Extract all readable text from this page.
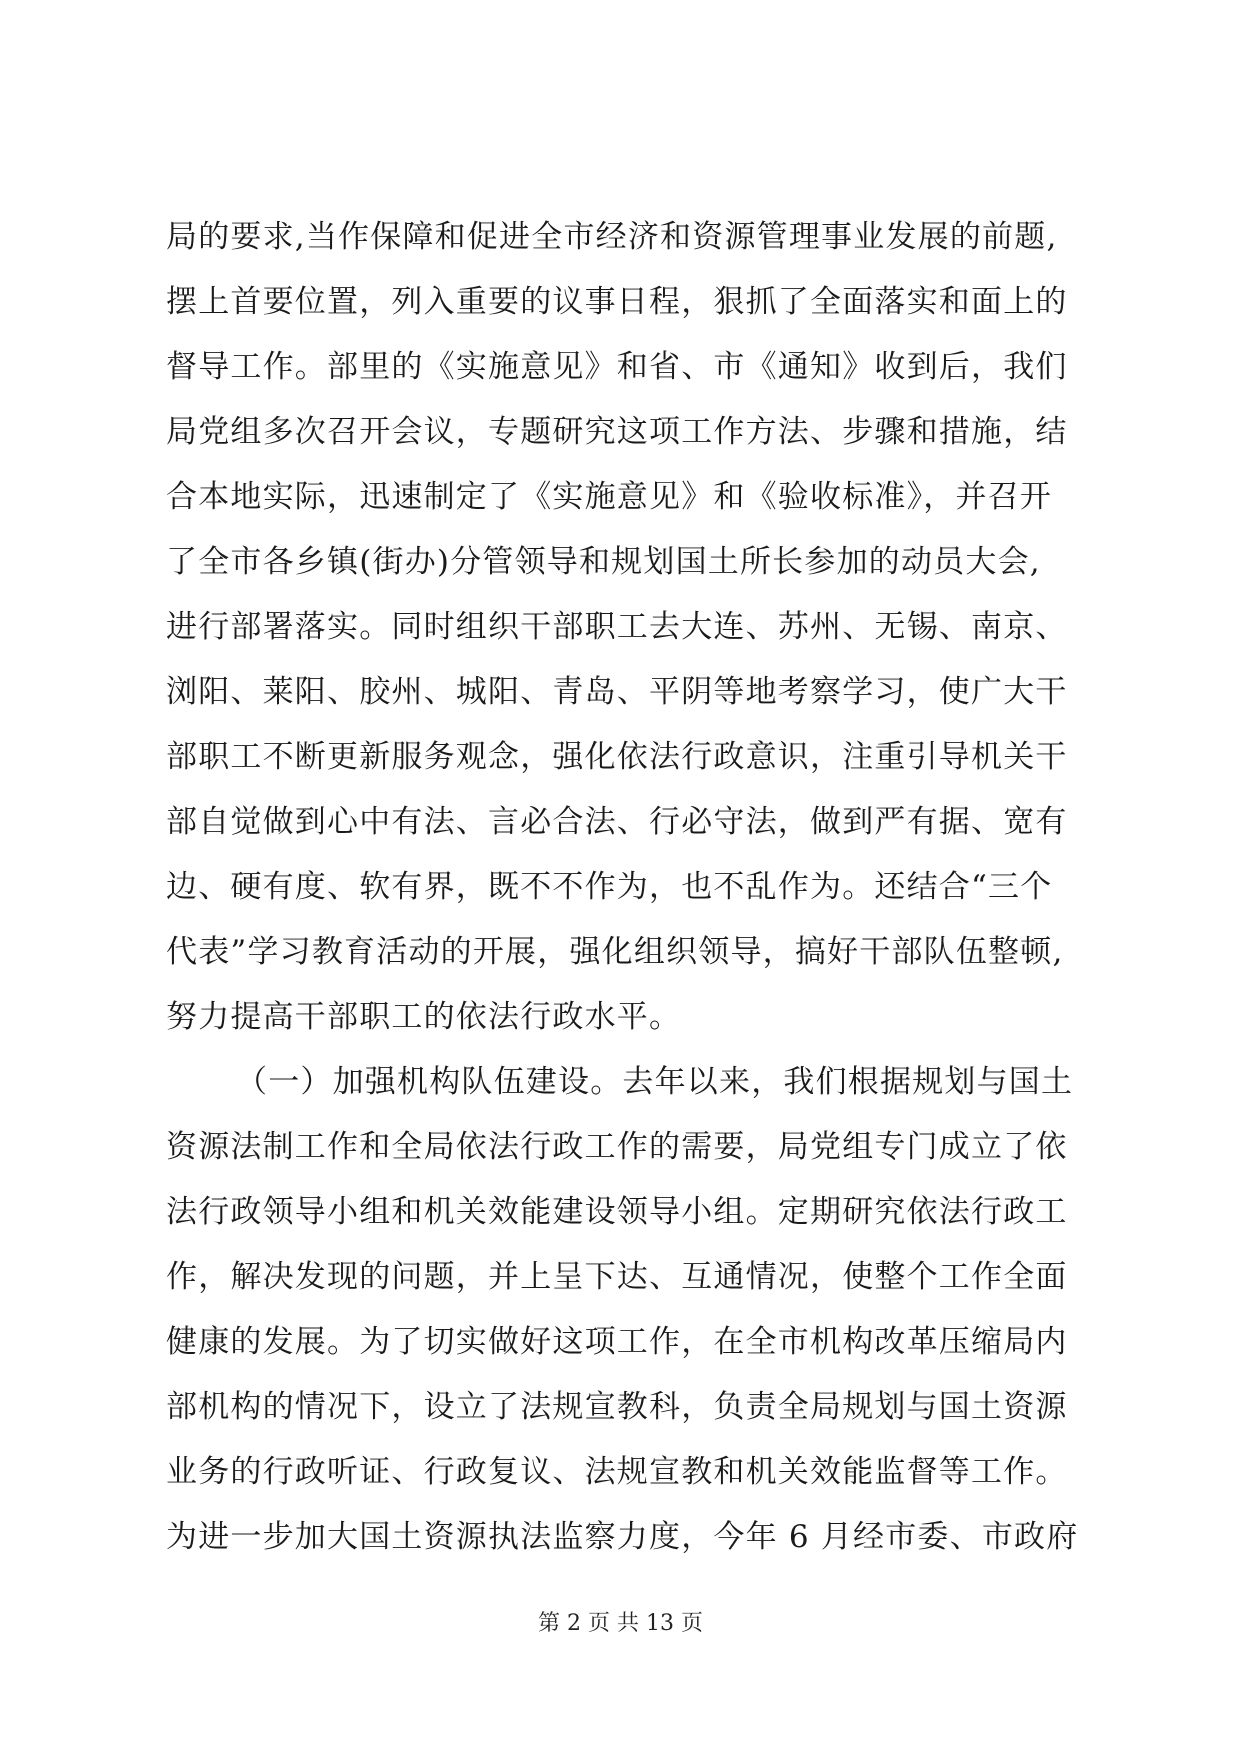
局的要求,当作保障和促进全市经济和资源管理事业发展的前题,
摆上首要位置，列入重要的议事日程，狠抓了全面落实和面上的
督导工作。部里的《实施意见》和省、市《通知》收到后，我们
局党组多次召开会议，专题研究这项工作方法、步骤和措施，结
合本地实际，迅速制定了《实施意见》和《验收标准》，并召开
了全市各乡镇(街办)分管领导和规划国土所长参加的动员大会,
进行部署落实。同时组织干部职工去大连、苏州、无锡、南京、
浏阳、莱阳、胶州、城阳、青岛、平阴等地考察学习，使广大干
部职工不断更新服务观念，强化依法行政意识，注重引导机关干
部自觉做到心中有法、言必合法、行必守法，做到严有据、宽有
边、硬有度、软有界，既不不作为，也不乱作为。还结合“三个
代表”学习教育活动的开展，强化组织领导，搞好干部队伍整顿,
努力提高干部职工的依法行政水平。
（一）加强机构队伍建设。去年以来，我们根据规划与国土
资源法制工作和全局依法行政工作的需要，局党组专门成立了依
法行政领导小组和机关效能建设领导小组。定期研究依法行政工
作，解决发现的问题，并上呈下达、互通情况，使整个工作全面
健康的发展。为了切实做好这项工作，在全市机构改革压缩局内
部机构的情况下，设立了法规宣教科，负责全局规划与国土资源
业务的行政听证、行政复议、法规宣教和机关效能监督等工作。
为进一步加大国土资源执法监察力度，今年 6 月经市委、市政府
第 2 页 共 13 页
